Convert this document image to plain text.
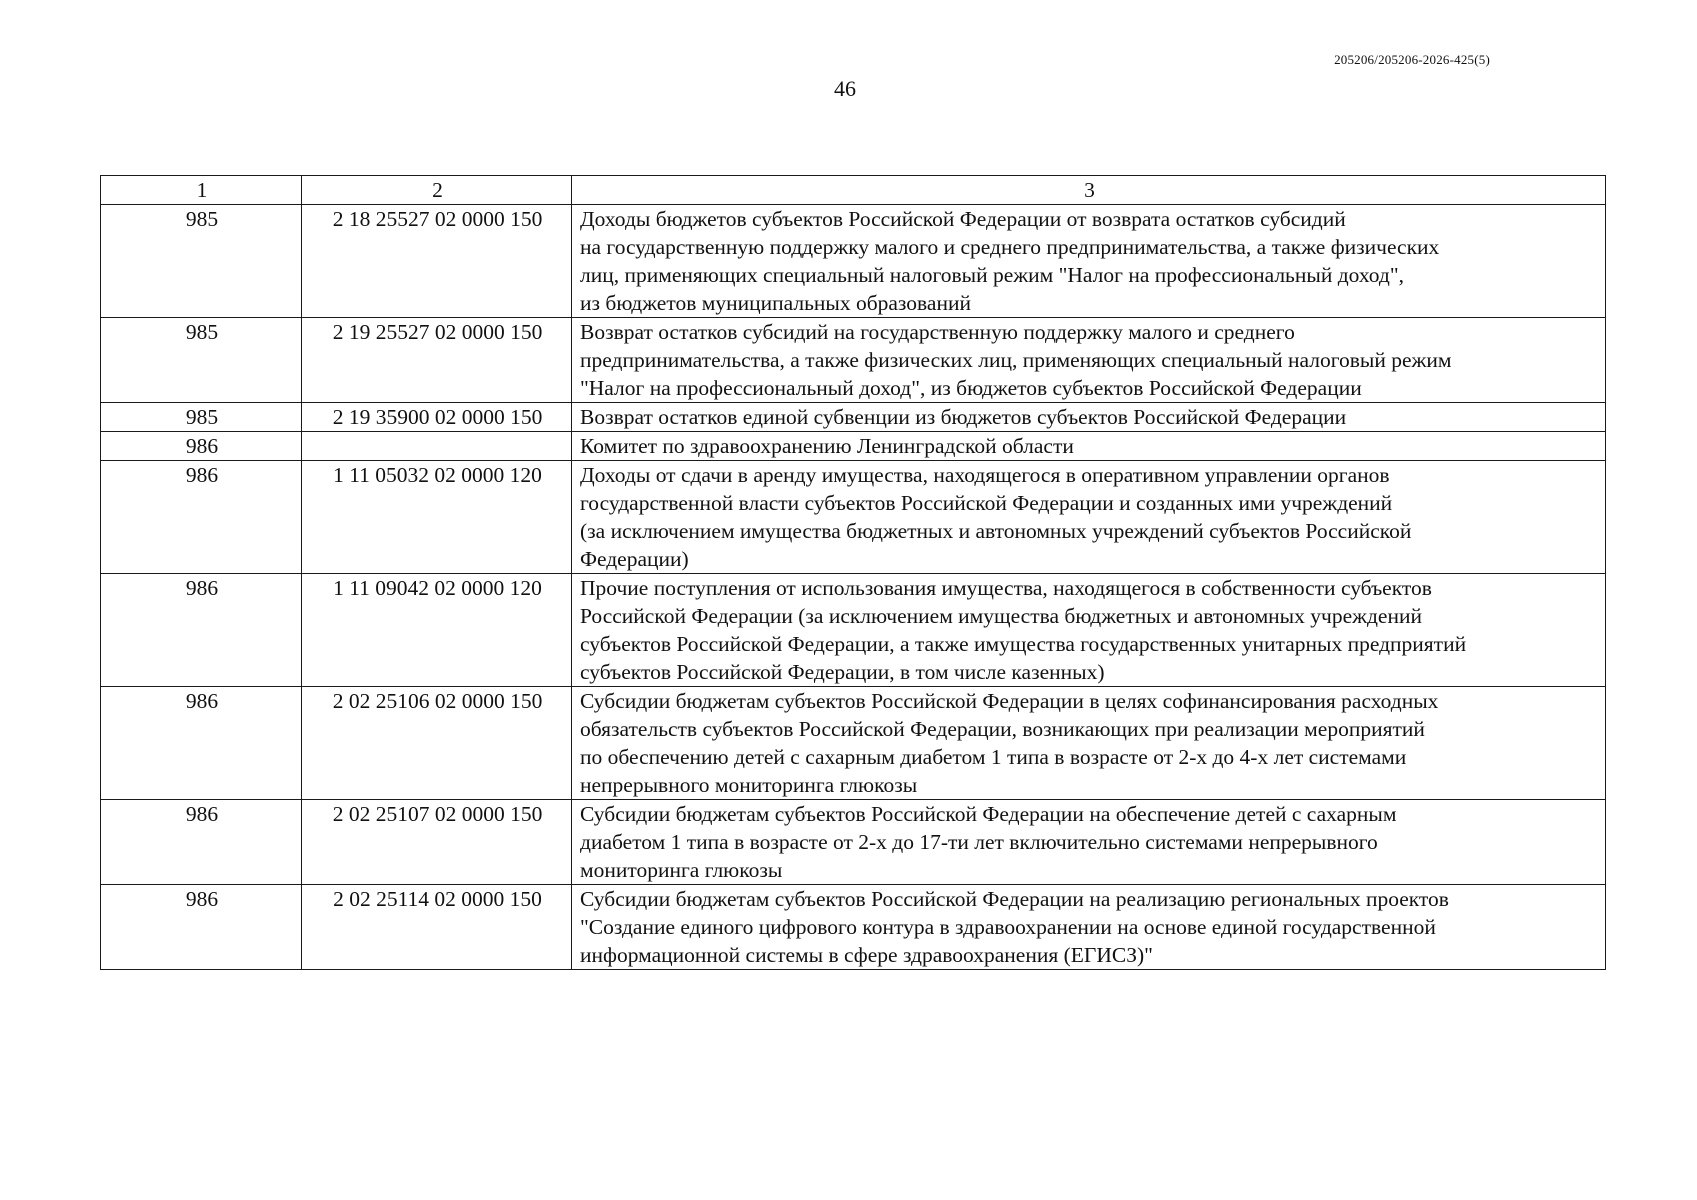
205206/205206-2026-425(5)
46
1	2	3
985	2 18 25527 02 0000 150	Доходы бюджетов субъектов Российской Федерации от возврата остатков субсидий
на государственную поддержку малого и среднего предпринимательства, а также физических
лиц, применяющих специальный налоговый режим "Налог на профессиональный доход",
из бюджетов муниципальных образований
985	2 19 25527 02 0000 150	Возврат остатков субсидий на государственную поддержку малого и среднего
предпринимательства, а также физических лиц, применяющих специальный налоговый режим
"Налог на профессиональный доход", из бюджетов субъектов Российской Федерации
985	2 19 35900 02 0000 150	Возврат остатков единой субвенции из бюджетов субъектов Российской Федерации
986		Комитет по здравоохранению Ленинградской области
986	1 11 05032 02 0000 120	Доходы от сдачи в аренду имущества, находящегося в оперативном управлении органов
государственной власти субъектов Российской Федерации и созданных ими учреждений
(за исключением имущества бюджетных и автономных учреждений субъектов Российской
Федерации)
986	1 11 09042 02 0000 120	Прочие поступления от использования имущества, находящегося в собственности субъектов
Российской Федерации (за исключением имущества бюджетных и автономных учреждений
субъектов Российской Федерации, а также имущества государственных унитарных предприятий
субъектов Российской Федерации, в том числе казенных)
986	2 02 25106 02 0000 150	Субсидии бюджетам субъектов Российской Федерации в целях софинансирования расходных
обязательств субъектов Российской Федерации, возникающих при реализации мероприятий
по обеспечению детей с сахарным диабетом 1 типа в возрасте от 2-х до 4-х лет системами
непрерывного мониторинга глюкозы
986	2 02 25107 02 0000 150	Субсидии бюджетам субъектов Российской Федерации на обеспечение детей с сахарным
диабетом 1 типа в возрасте от 2-х до 17-ти лет включительно системами непрерывного
мониторинга глюкозы
986	2 02 25114 02 0000 150	Субсидии бюджетам субъектов Российской Федерации на реализацию региональных проектов
"Создание единого цифрового контура в здравоохранении на основе единой государственной
информационной системы в сфере здравоохранения (ЕГИСЗ)"
